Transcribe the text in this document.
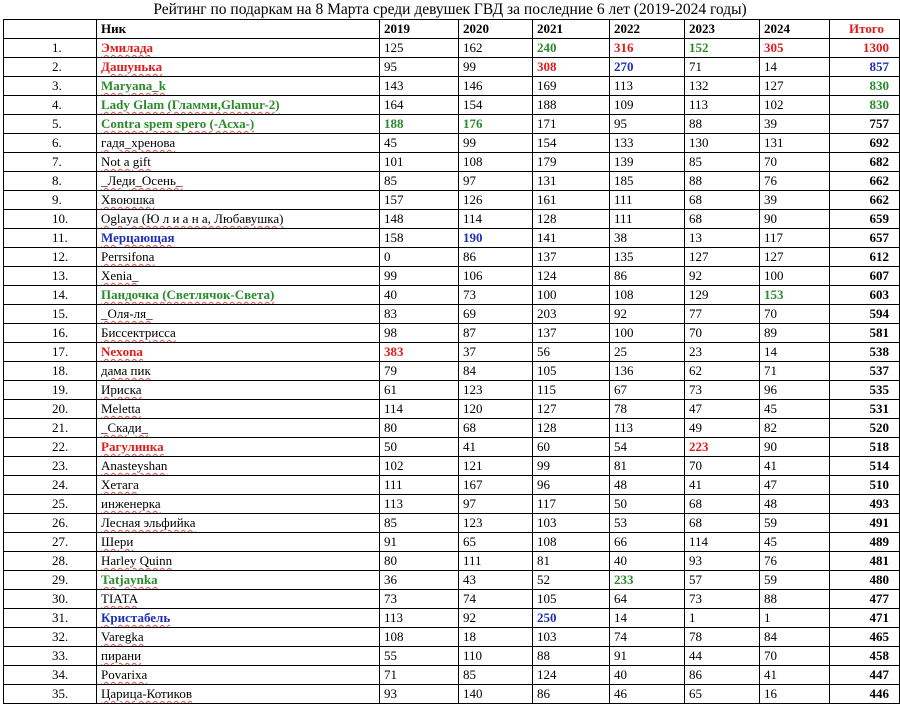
Рейтинг по подаркам на 8 Марта среди девушек ГВД за последние 6 лет (2019-2024 годы)
	Ник	2019	2020	2021	2022	2023	2024	Итого
1.	Эмилада	125	162	240	316	152	305	1300
2.	Дашунька	95	99	308	270	71	14	857
3.	Maryana_k	143	146	169	113	132	127	830
4.	Lady Glam (Гламми,Glamur-2)	164	154	188	109	113	102	830
5.	Contra spem spero (-Асха-)	188	176	171	95	88	39	757
6.	гадя_хренова	45	99	154	133	130	131	692
7.	Not a gift	101	108	179	139	85	70	682
8.	_Леди_Осень_	85	97	131	185	88	76	662
9.	Хвоюшка	157	126	161	111	68	39	662
10.	Oglaya (Ю л и а н а, Любавушка)	148	114	128	111	68	90	659
11.	Мерцающая	158	190	141	38	13	117	657
12.	Perrsifona	0	86	137	135	127	127	612
13.	Xenia_	99	106	124	86	92	100	607
14.	Пандочка (Светлячок-Света)	40	73	100	108	129	153	603
15.	_Оля-ля_	83	69	203	92	77	70	594
16.	Биссектрисса	98	87	137	100	70	89	581
17.	Nexona	383	37	56	25	23	14	538
18.	дама пик	79	84	105	136	62	71	537
19.	Ириска	61	123	115	67	73	96	535
20.	Meletta	114	120	127	78	47	45	531
21.	_Скади_	80	68	128	113	49	82	520
22.	Рагулинка	50	41	60	54	223	90	518
23.	Anasteyshan	102	121	99	81	70	41	514
24.	Хетага	111	167	96	48	41	47	510
25.	инженерка	113	97	117	50	68	48	493
26.	Лесная эльфийка	85	123	103	53	68	59	491
27.	Шери	91	65	108	66	114	45	489
28.	Harley Quinn	80	111	81	40	93	76	481
29.	Tatjaynka	36	43	52	233	57	59	480
30.	ТІАТА	73	74	105	64	73	88	477
31.	Кристабель	113	92	250	14	1	1	471
32.	Varegka	108	18	103	74	78	84	465
33.	пирани	55	110	88	91	44	70	458
34.	Povarixa	71	85	124	40	86	41	447
35.	Царица-Котиков	93	140	86	46	65	16	446
